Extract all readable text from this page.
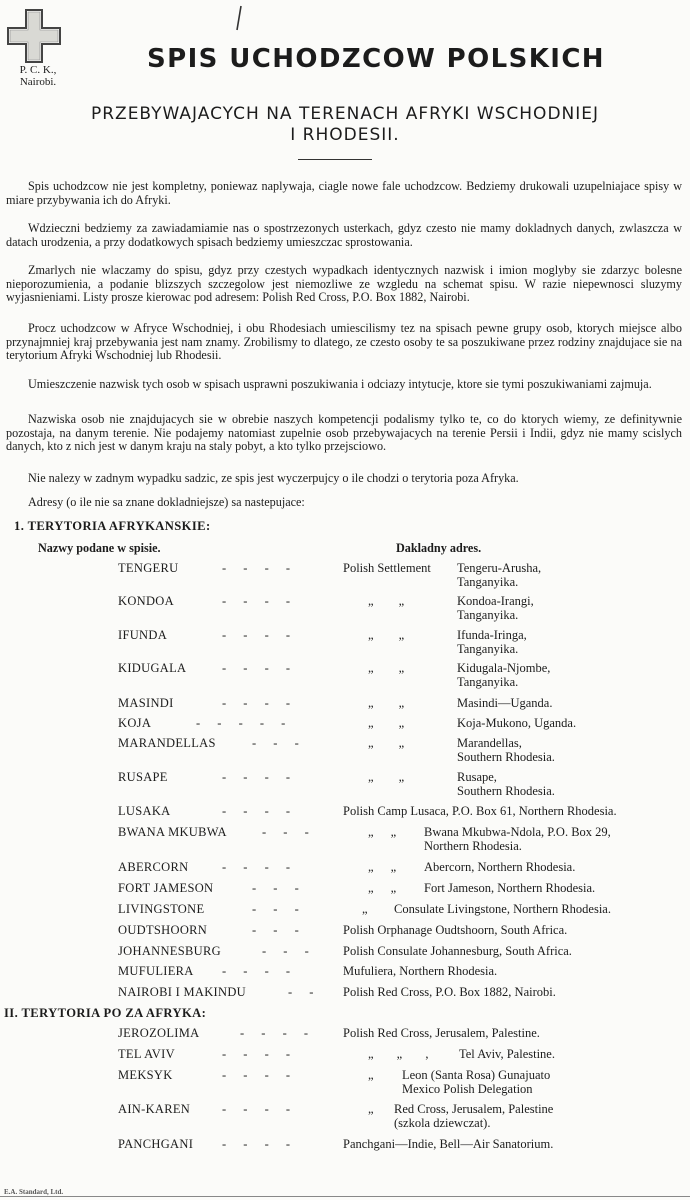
P. C. K.,
Nairobi.
SPIS UCHODZCOW POLSKICH
PRZEBYWAJACYCH NA TERENACH AFRYKI WSCHODNIEJ
I RHODESII.
Spis uchodzcow nie jest kompletny, poniewaz naplywaja, ciagle nowe fale uchodzcow. Bedziemy drukowali uzupelniajace spisy w miare przybywania ich do Afryki.
Wdzieczni bedziemy za zawiadamiamie nas o spostrzezonych usterkach, gdyz czesto nie mamy dokladnych danych, zwlaszcza w datach urodzenia, a przy dodatkowych spisach bedziemy umieszczac sprostowania.
Zmarlych nie wlaczamy do spisu, gdyz przy czestych wypadkach identycznych nazwisk i imion moglyby sie zdarzyc bolesne nieporozumienia, a podanie blizszych szczegolow jest niemozliwe ze wzgledu na schemat spisu. W razie niepewnosci sluzymy wyjasnieniami. Listy prosze kierowac pod adresem: Polish Red Cross, P.O. Box 1882, Nairobi.
Procz uchodzcow w Afryce Wschodniej, i obu Rhodesiach umiescilismy tez na spisach pewne grupy osob, ktorych miejsce albo przynajmniej kraj przebywania jest nam znamy. Zrobilismy to dlatego, ze czesto osoby te sa poszukiwane przez rodziny znajdujace sie na terytorium Afryki Wschodniej lub Rhodesii.
Umieszczenie nazwisk tych osob w spisach usprawni poszukiwania i odciazy intytucje, ktore sie tymi poszukiwaniami zajmuja.
Nazwiska osob nie znajdujacych sie w obrebie naszych kompetencji podalismy tylko te, co do ktorych wiemy, ze definitywnie pozostaja, na danym terenie. Nie podajemy natomiast zupelnie osob przebywajacych na terenie Persii i Indii, gdyz nie mamy scislych danych, kto z nich jest w danym kraju na staly pobyt, a kto tylko przejsciowo.
Nie nalezy w zadnym wypadku sadzic, ze spis jest wyczerpujcy o ile chodzi o terytoria poza Afryka.
Adresy (o ile nie sa znane dokladniejsze) sa nastepujace:
1. TERYTORIA AFRYKANSKIE:
Nazwy podane w spisie.	Dakladny adres.
TENGERU	- - - -	Polish Settlement Tengeru-Arusha,
Tanganyika.
KONDOA	- - - -	„ „	Kondoa-Irangi,
Tanganyika.
IFUNDA	- - - -	„ „	Ifunda-Iringa,
Tanganyika.
KIDUGALA	- - - -	„ „	Kidugala-Njombe,
Tanganyika.
MASINDI	- - - -	„ „	Masindi—Uganda.
KOJA	- - - - -	„ „	Koja-Mukono, Uganda.
MARANDELLAS	- - -	„ „	Marandellas,
Southern Rhodesia.
RUSAPE	- - - -	„ „	Rusape,
Southern Rhodesia.
LUSAKA	- - - -	Polish Camp Lusaca, P.O. Box 61, Northern Rhodesia.
BWANA MKUBWA	- - -	„ „ Bwana Mkubwa-Ndola, P.O. Box 29,
Northern Rhodesia.
ABERCORN	- - - -	„ „ Abercorn, Northern Rhodesia.
FORT JAMESON	- - -	„ „ Fort Jameson, Northern Rhodesia.
LIVINGSTONE	- - -	„ Consulate Livingstone, Northern Rhodesia.
OUDTSHOORN	- - -	Polish Orphanage Oudtshoorn, South Africa.
JOHANNESBURG	- - - Polish Consulate Johannesburg, South Africa.
MUFULIERA - - - -	Mufuliera, Northern Rhodesia.
NAIROBI I MAKINDU	- - Polish Red Cross, P.O. Box 1882, Nairobi.
II. TERYTORIA PO ZA AFRYKA:
JEROZOLIMA	- - - - Polish Red Cross, Jerusalem, Palestine.
TEL AVIV	- - - -	„ „ , Tel Aviv, Palestine.
MEKSYK	- - - -	„ Leon (Santa Rosa) Gunajuato
Mexico Polish Delegation
AIN-KAREN	- - - -	„ Red Cross, Jerusalem, Palestine
(szkola dziewczat).
PANCHGANI - - - -	Panchgani—Indie, Bell—Air Sanatorium.
E.A. Standard, Ltd.
